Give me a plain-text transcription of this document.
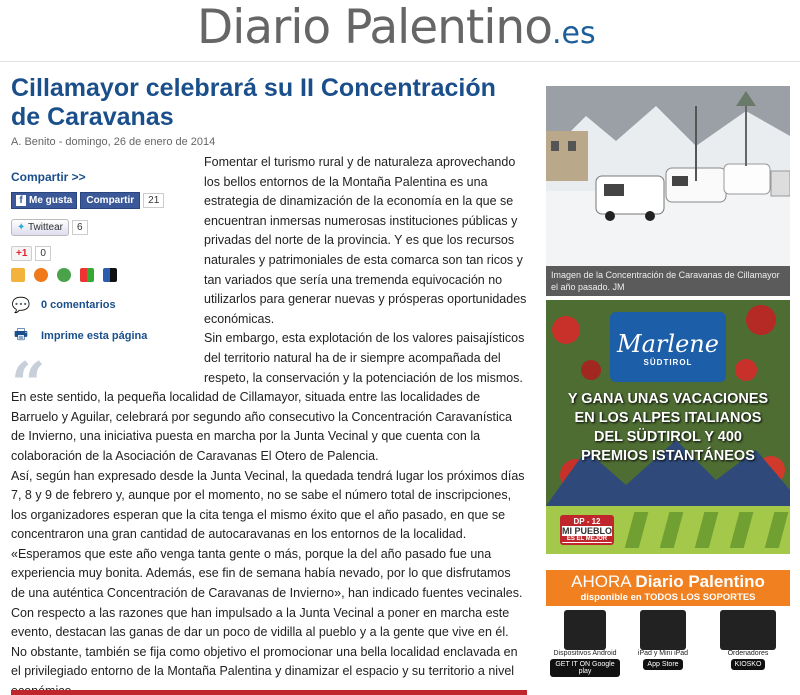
Diario Palentino.es
Cillamayor celebrará su II Concentración de Caravanas
A. Benito - domingo, 26 de enero de 2014

Fomentar el turismo rural y de naturaleza aprovechando los bellos entornos de la Montaña Palentina es una estrategia de dinamización de la economía en la que se encuentran inmersas numerosas instituciones públicas y privadas del norte de la provincia. Y es que los recursos naturales y patrimoniales de esta comarca son tan ricos y tan variados que sería una tremenda equivocación no utilizarlos para generar nuevas y prósperas oportunidades económicas.

Sin embargo, esta explotación de los valores paisajísticos del territorio natural ha de ir siempre acompañada del respeto, la conservación y la potenciación de los mismos.

En este sentido, la pequeña localidad de Cillamayor, situada entre las localidades de Barruelo y Aguilar, celebrará por segundo año consecutivo la Concentración Caravanística de Invierno, una iniciativa puesta en marcha por la Junta Vecinal y que cuenta con la colaboración de la Asociación de Caravanas El Otero de Palencia.

Así, según han expresado desde la Junta Vecinal, la quedada tendrá lugar los próximos días 7, 8 y 9 de febrero y, aunque por el momento, no se sabe el número total de inscripciones, los organizadores esperan que la cita tenga el mismo éxito que el año pasado, en que se concentraron una gran cantidad de autocaravanas en los entornos de la localidad.

«Esperamos que este año venga tanta gente o más, porque la del año pasado fue una experiencia muy bonita. Además, ese fin de semana había nevado, por lo que disfrutamos de una auténtica Concentración de Caravanas de Invierno», han indicado fuentes vecinales.

Con respecto a las razones que han impulsado a la Junta Vecinal a poner en marcha este evento, destacan las ganas de dar un poco de vidilla al pueblo y a la gente que vive en él. No obstante, también se fija como objetivo el promocionar una bella localidad enclavada en el privilegiado entorno de la Montaña Palentina y dinamizar el espacio y su territorio a nivel

Compartir >>
f Me gusta	Compartir	21
✦ Twittear	6
+1	0
💬 0 comentarios
🖶 Imprime esta página
“
Imagen de la Concentración de Caravanas de Cillamayor el año pasado. JM
Marlene
SÜDTIROL
Y GANA UNAS VACACIONES
EN LOS ALPES ITALIANOS
DEL SÜDTIROL Y 400
PREMIOS ISTANTÁNEOS
DP - 12
MI PUEBLO
ES EL MEJOR
AHORA Diario Palentino
disponible en TODOS LOS SOPORTES
Dispositivos Android
GET IT ON Google play
iPad y Mini iPad
App Store
Ordenadores
KIOSKO
